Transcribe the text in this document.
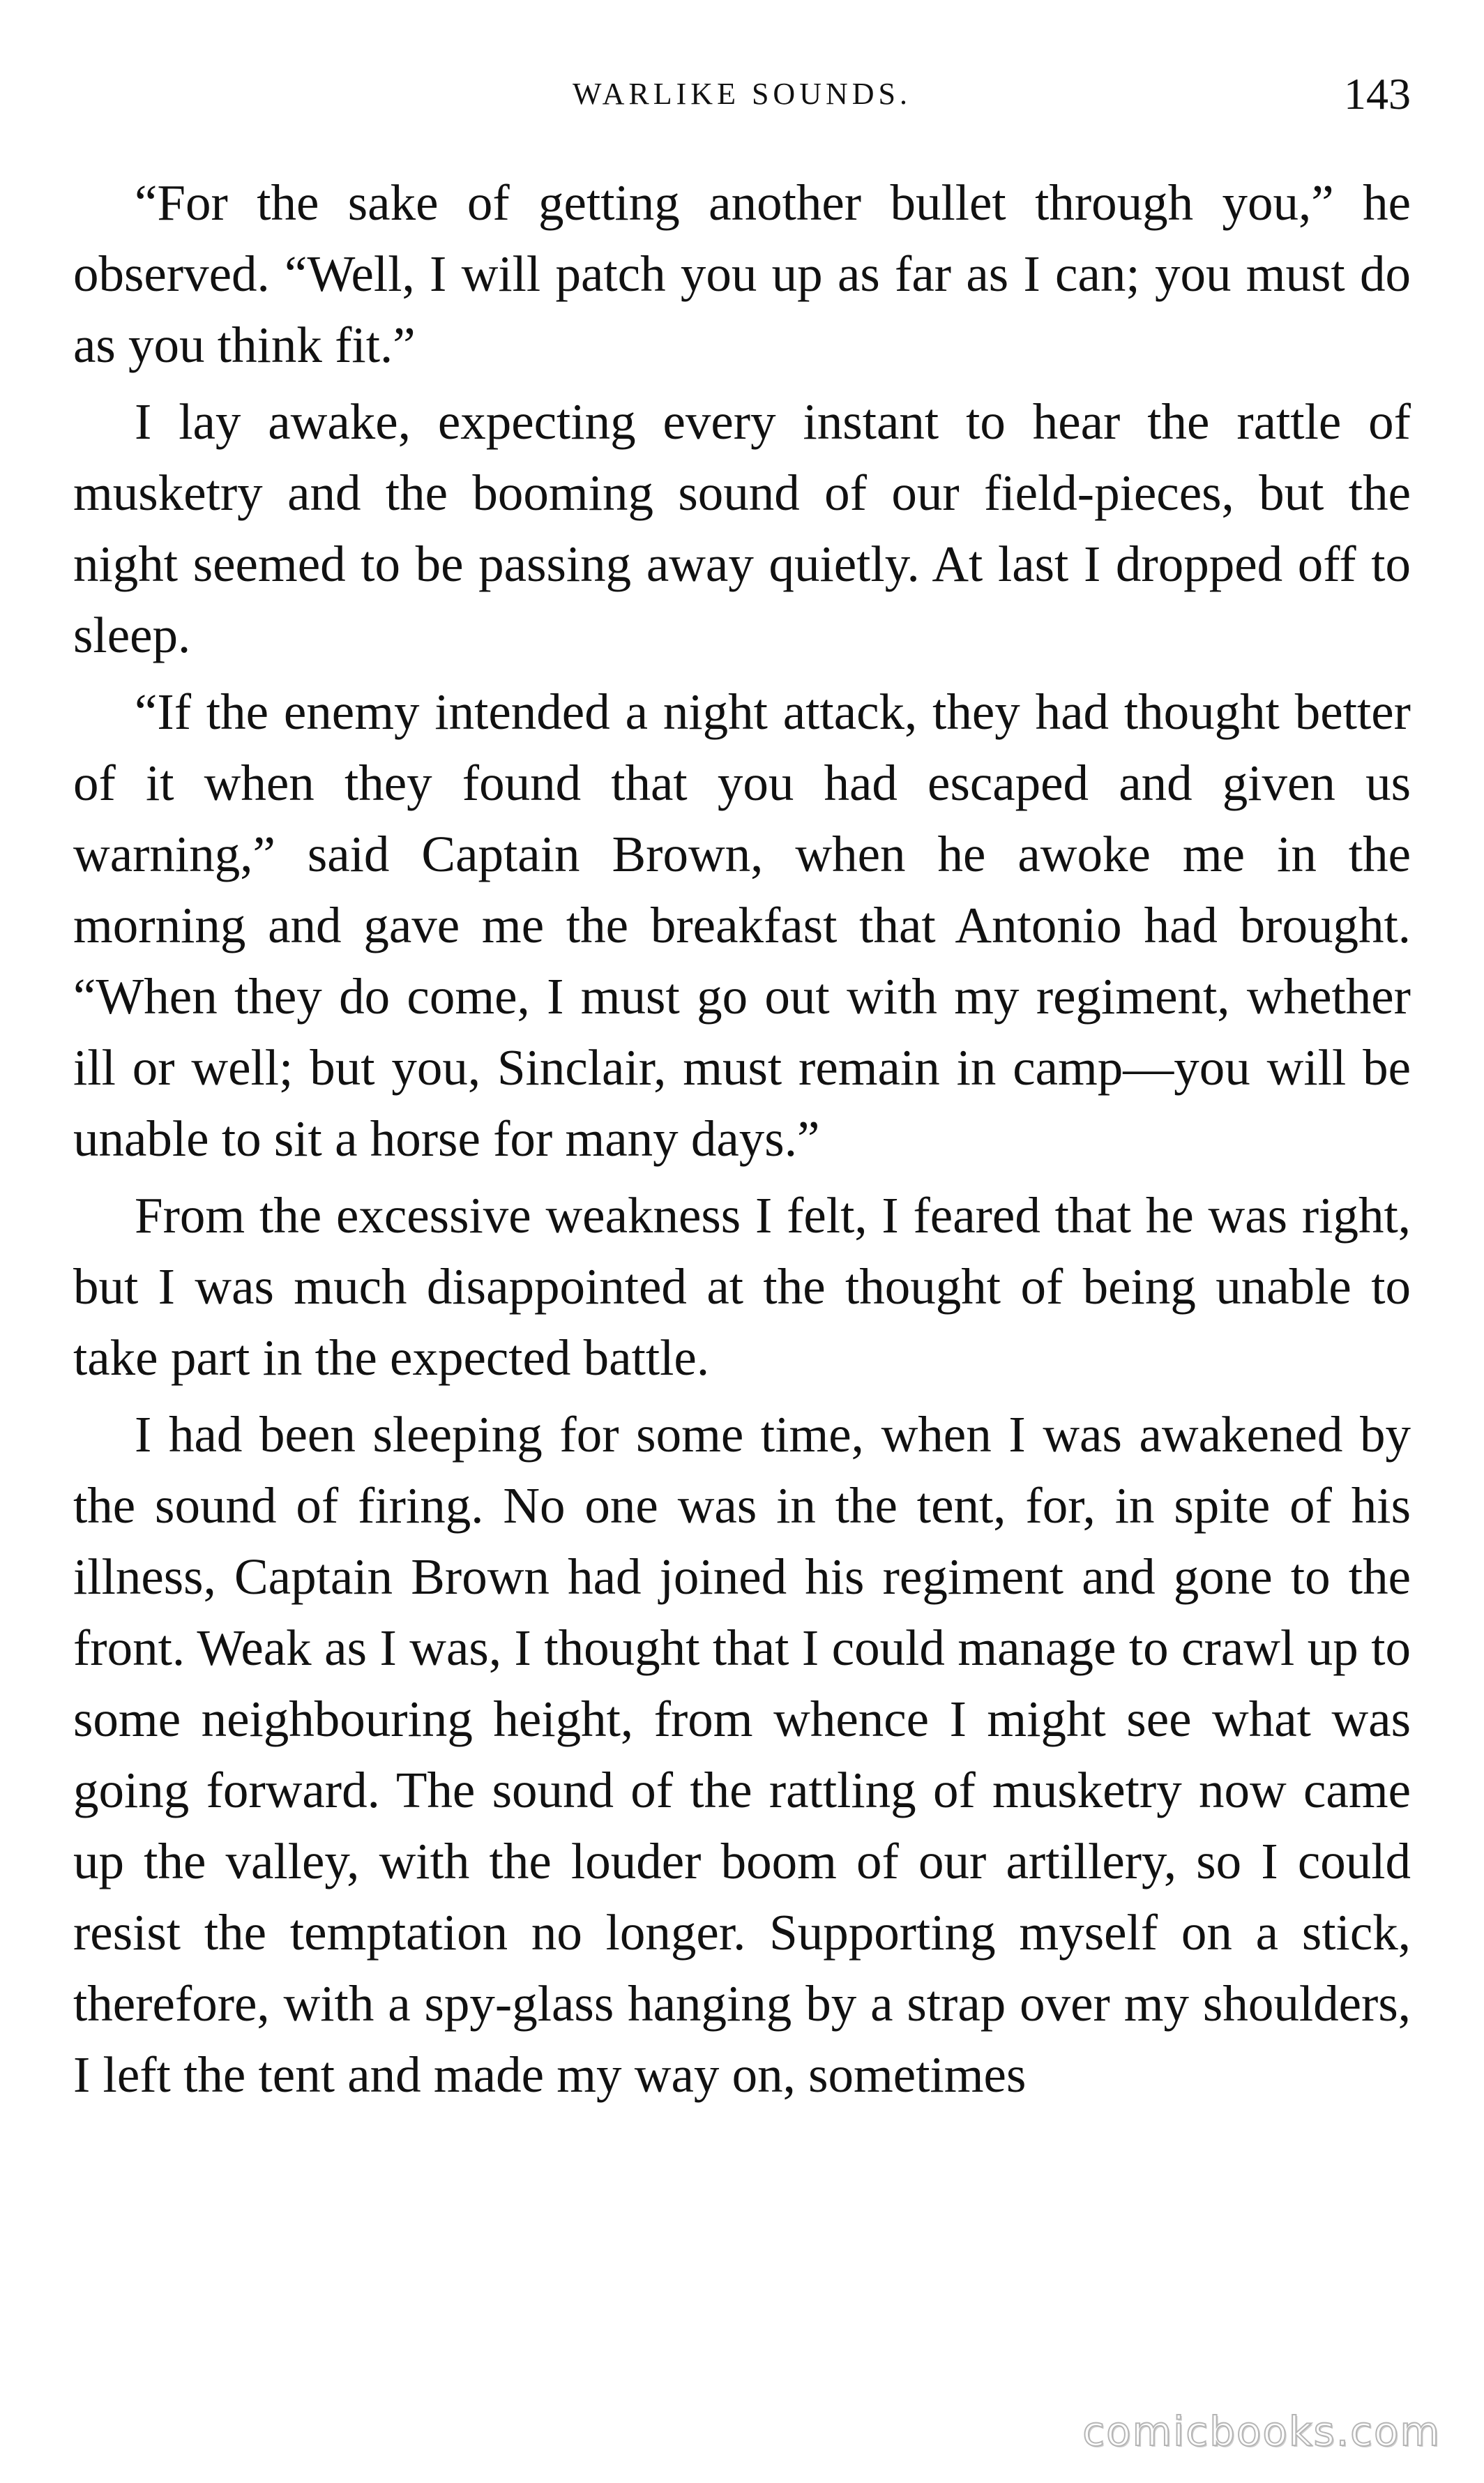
WARLIKE SOUNDS.	143

“For the sake of getting another bullet through you,” he observed. “Well, I will patch you up as far as I can; you must do as you think fit.”

I lay awake, expecting every instant to hear the rattle of musketry and the booming sound of our field-pieces, but the night seemed to be passing away quietly. At last I dropped off to sleep.

“If the enemy intended a night attack, they had thought better of it when they found that you had escaped and given us warning,” said Captain Brown, when he awoke me in the morning and gave me the breakfast that Antonio had brought. “When they do come, I must go out with my regiment, whether ill or well; but you, Sinclair, must remain in camp—you will be unable to sit a horse for many days.”

From the excessive weakness I felt, I feared that he was right, but I was much disappointed at the thought of being unable to take part in the expected battle.

I had been sleeping for some time, when I was awakened by the sound of firing. No one was in the tent, for, in spite of his illness, Captain Brown had joined his regiment and gone to the front. Weak as I was, I thought that I could manage to crawl up to some neighbouring height, from whence I might see what was going forward. The sound of the rattling of musketry now came up the valley, with the louder boom of our artillery, so I could resist the temptation no longer. Supporting myself on a stick, therefore, with a spy-glass hanging by a strap over my shoulders, I left the tent and made my way on, sometimes

comicbooks.com
